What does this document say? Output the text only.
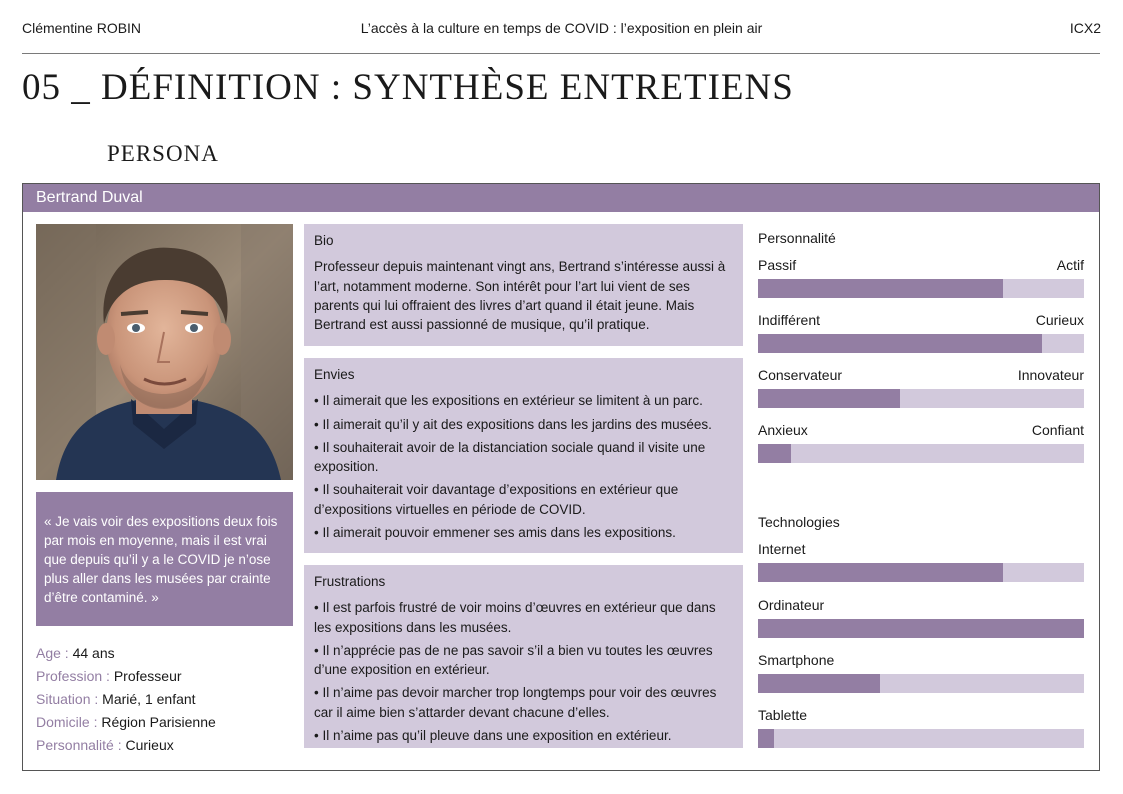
Clémentine ROBIN	L’accès à la culture en temps de COVID : l’exposition en plein air	ICX2
05 _ DÉFINITION : SYNTHÈSE ENTRETIENS
PERSONA
Bertrand Duval
« Je vais voir des expositions deux fois par mois en moyenne, mais il est vrai que depuis qu’il y a le COVID je n’ose plus aller dans les musées par crainte d’être contaminé. »
Age : 44 ans
Profession : Professeur
Situation : Marié, 1 enfant
Domicile : Région Parisienne
Personnalité : Curieux
Bio
Professeur depuis maintenant vingt ans, Bertrand s’intéresse aussi à l’art, notamment moderne. Son intérêt pour l’art lui vient de ses parents qui lui offraient des livres d’art quand il était jeune. Mais Bertrand est aussi passionné de musique, qu’il pratique.
Envies
• Il aimerait que les expositions en extérieur se limitent à un parc.
• Il aimerait qu’il y ait des expositions dans les jardins des musées.
• Il souhaiterait avoir de la distanciation sociale quand il visite une exposition.
• Il souhaiterait voir davantage d’expositions en extérieur que d’expositions virtuelles en période de COVID.
• Il aimerait pouvoir emmener ses amis dans les expositions.
Frustrations
• Il est parfois frustré de voir moins d’œuvres en extérieur que dans les expositions dans les musées.
• Il n’apprécie pas de ne pas savoir s’il a bien vu toutes les œuvres d’une exposition en extérieur.
• Il n’aime pas devoir marcher trop longtemps pour voir des œuvres car il aime bien s’attarder devant chacune d’elles.
• Il n’aime pas qu’il pleuve dans une exposition en extérieur.
Personnalité
Passif	Actif
Indifférent	Curieux
Conservateur	Innovateur
Anxieux	Confiant
Technologies
Internet
Ordinateur
Smartphone
Tablette
